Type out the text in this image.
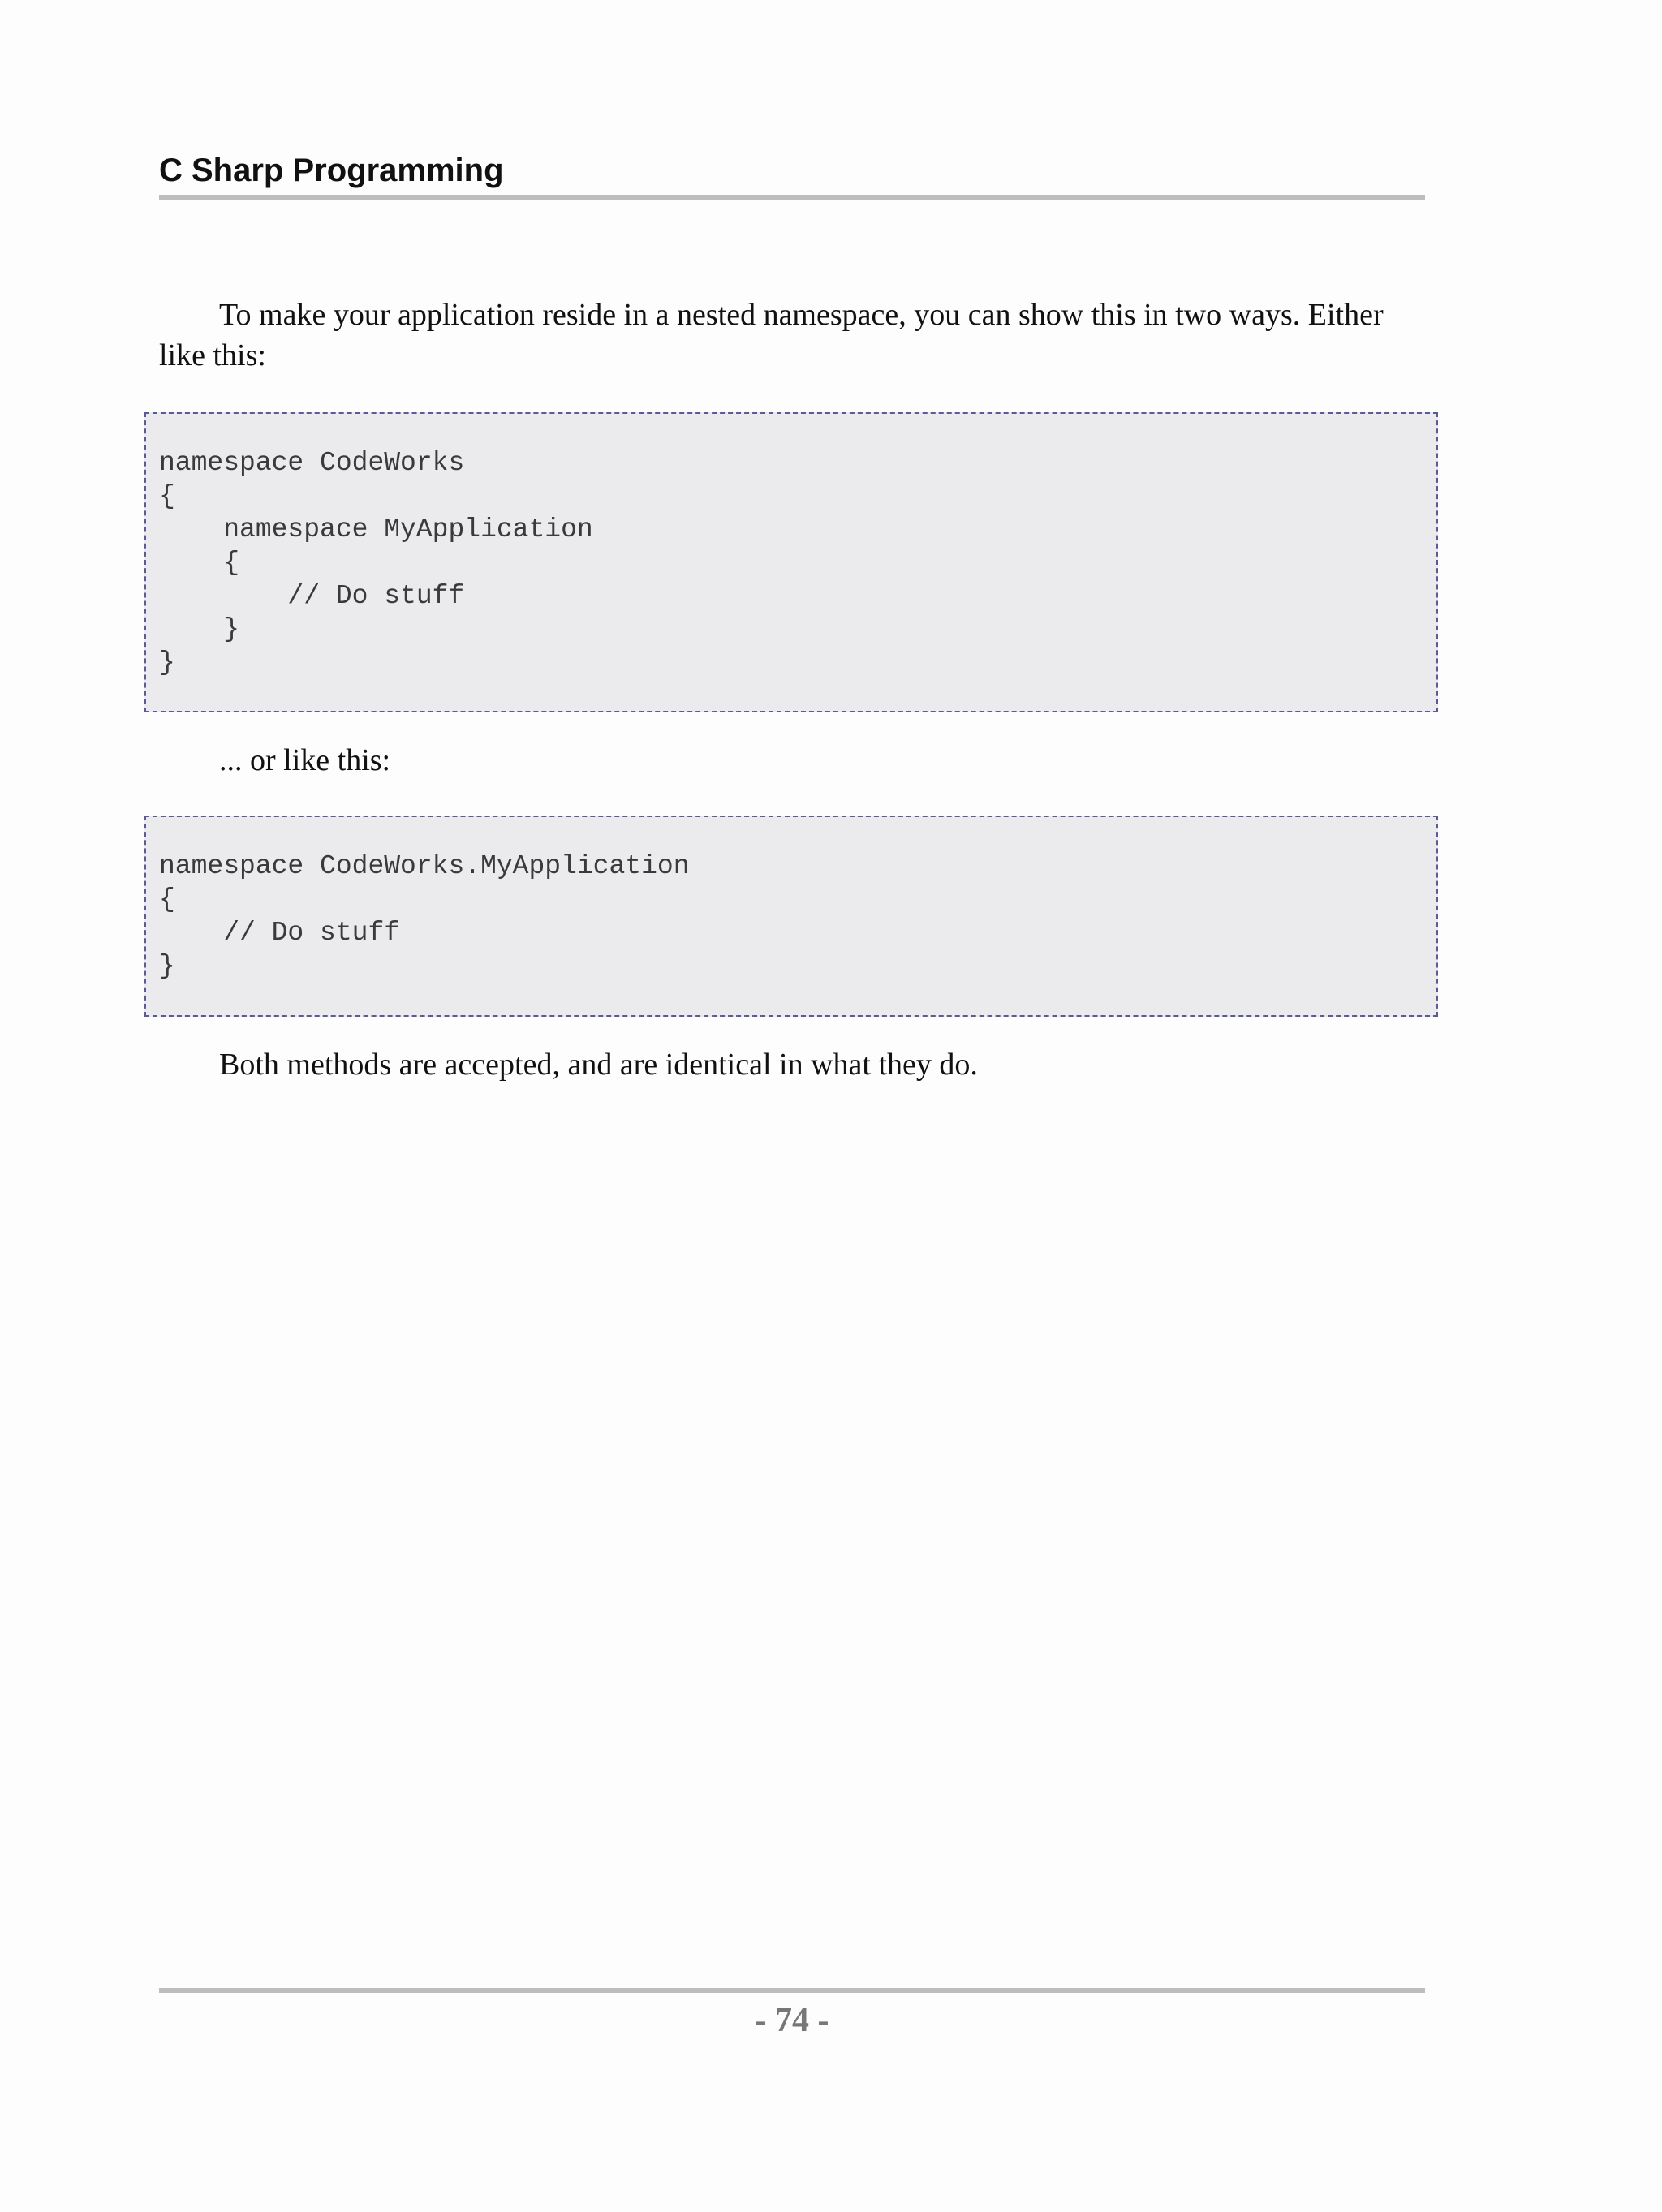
C Sharp Programming

To make your application reside in a nested namespace, you can show this in two ways. Either like this:

namespace CodeWorks
{
namespace MyApplication
{
// Do stuff
}
}

... or like this:

namespace CodeWorks.MyApplication
{
// Do stuff
}

Both methods are accepted, and are identical in what they do.

- 74 -
